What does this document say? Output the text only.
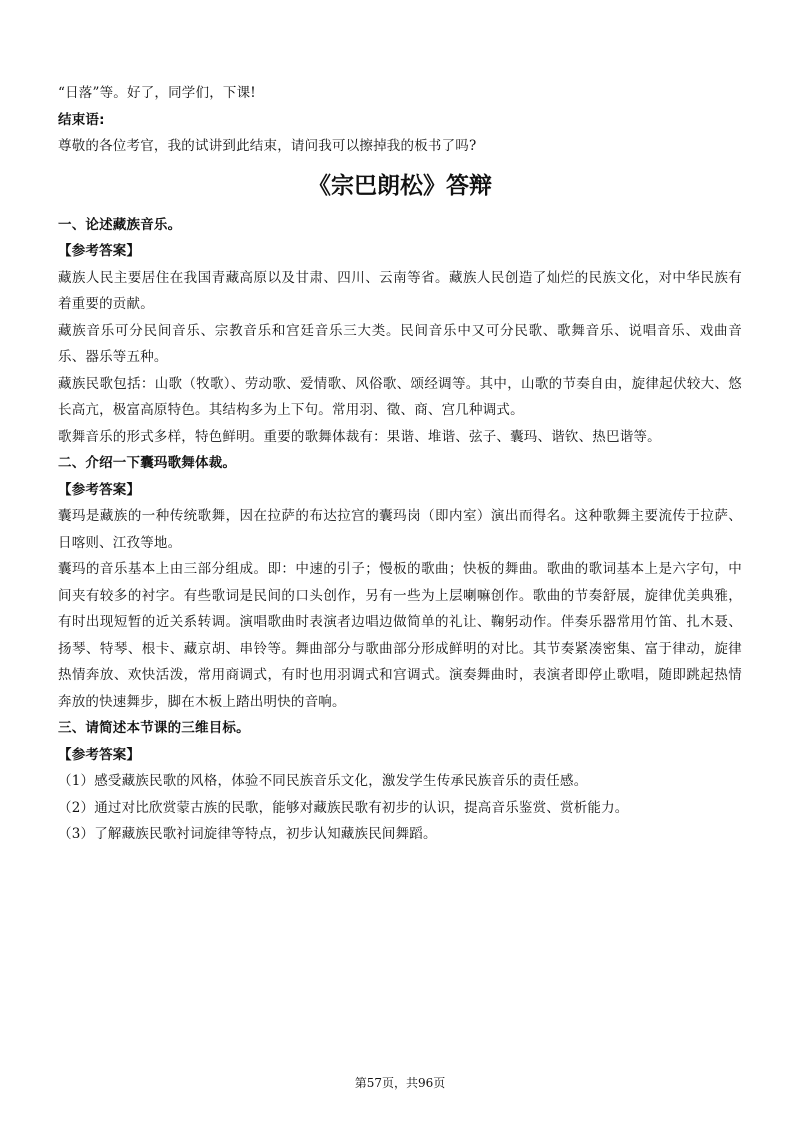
“日落”等。好了，同学们，下课!

结束语:

尊敬的各位考官，我的试讲到此结束，请问我可以擦掉我的板书了吗?

《宗巴朗松》答辩

一、论述藏族音乐。

【参考答案】

藏族人民主要居住在我国青藏高原以及甘肃、四川、云南等省。藏族人民创造了灿烂的民族文化，对中华民族有着重要的贡献。

藏族音乐可分民间音乐、宗教音乐和宫廷音乐三大类。民间音乐中又可分民歌、歌舞音乐、说唱音乐、戏曲音乐、器乐等五种。

藏族民歌包括：山歌（牧歌）、劳动歌、爱情歌、风俗歌、颂经调等。其中，山歌的节奏自由，旋律起伏较大、悠长高亢，极富高原特色。其结构多为上下句。常用羽、徵、商、宫几种调式。

歌舞音乐的形式多样，特色鲜明。重要的歌舞体裁有：果谐、堆谐、弦子、囊玛、谐钦、热巴谐等。

二、介绍一下囊玛歌舞体裁。

【参考答案】

囊玛是藏族的一种传统歌舞，因在拉萨的布达拉宫的囊玛岗（即内室）演出而得名。这种歌舞主要流传于拉萨、日喀则、江孜等地。

囊玛的音乐基本上由三部分组成。即：中速的引子；慢板的歌曲；快板的舞曲。歌曲的歌词基本上是六字句，中间夹有较多的衬字。有些歌词是民间的口头创作，另有一些为上层喇嘛创作。歌曲的节奏舒展，旋律优美典雅，有时出现短暂的近关系转调。演唱歌曲时表演者边唱边做简单的礼让、鞠躬动作。伴奏乐器常用竹笛、扎木聂、扬琴、特琴、根卡、藏京胡、串铃等。舞曲部分与歌曲部分形成鲜明的对比。其节奏紧凑密集、富于律动，旋律热情奔放、欢快活泼，常用商调式，有时也用羽调式和宫调式。演奏舞曲时，表演者即停止歌唱，随即跳起热情奔放的快速舞步，脚在木板上踏出明快的音响。

三、请简述本节课的三维目标。

【参考答案】

（1）感受藏族民歌的风格，体验不同民族音乐文化，激发学生传承民族音乐的责任感。

（2）通过对比欣赏蒙古族的民歌，能够对藏族民歌有初步的认识，提高音乐鉴赏、赏析能力。

（3）了解藏族民歌衬词旋律等特点，初步认知藏族民间舞蹈。

第57页，共96页
